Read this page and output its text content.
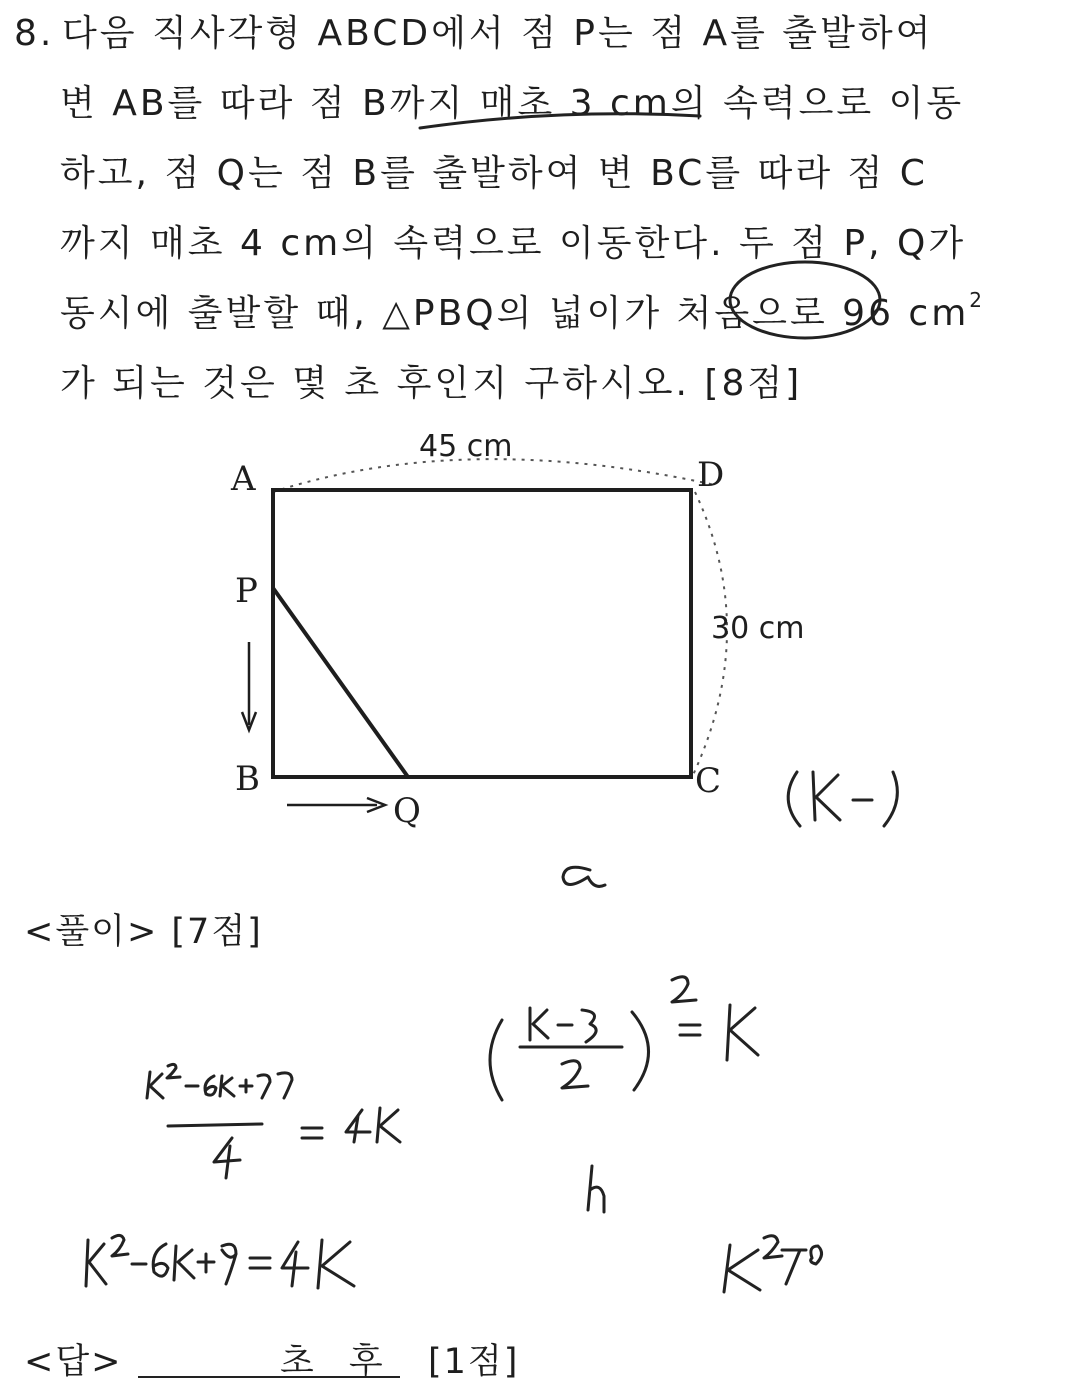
8. 다음 직사각형 ABCD에서 점 P는 점 A를 출발하여
변 AB를 따라 점 B까지 매초 3 cm의 속력으로 이동
하고, 점 Q는 점 B를 출발하여 변 BC를 따라 점 C
까지 매초 4 cm의 속력으로 이동한다. 두 점 P, Q가
동시에 출발할 때, △PBQ의 넓이가 처음으로 96 $cm^2$
가 되는 것은 몇 초 후인지 구하시오. [8점]
A	D
P
B	C
Q
45 cm
30 cm
<풀이> [7점]
<답>	초 후 [1점]
